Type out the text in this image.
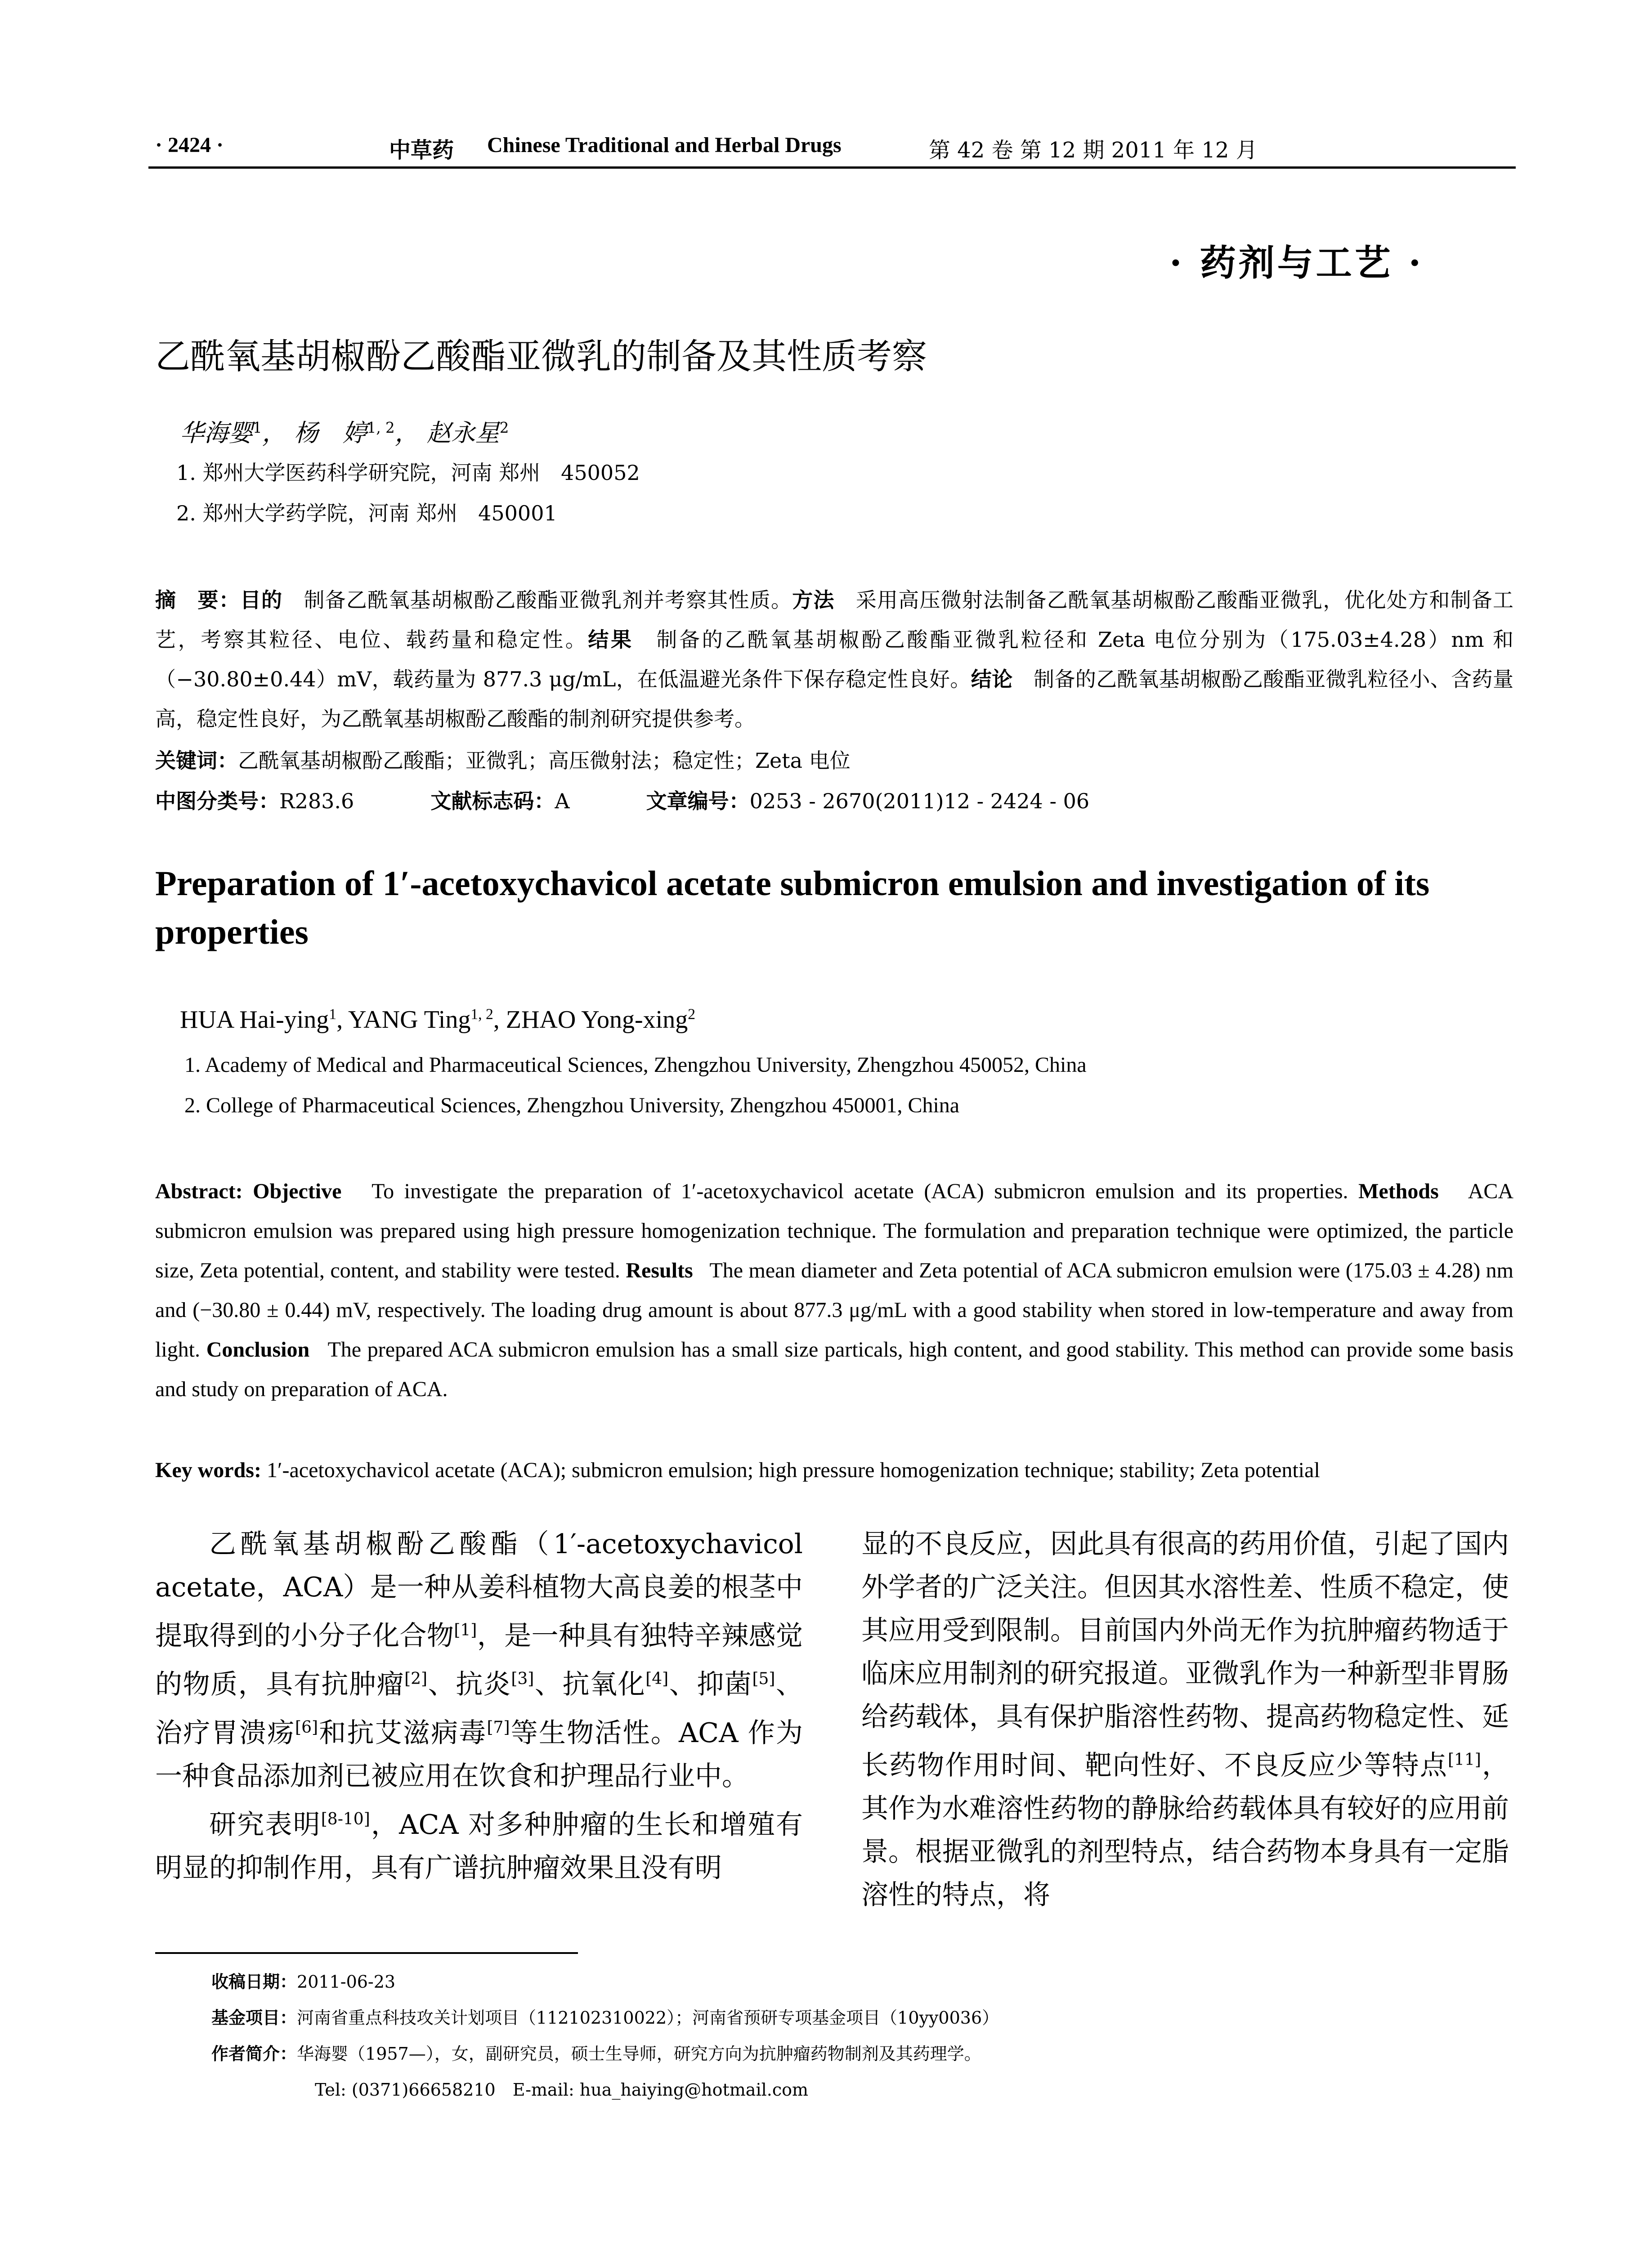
· 2424 ·	中草药 Chinese Traditional and Herbal Drugs	第 42 卷 第 12 期 2011 年 12 月
· 药剂与工艺 ·
乙酰氧基胡椒酚乙酸酯亚微乳的制备及其性质考察
华海婴$^1$， 杨　婷$^{1, 2}$， 赵永星$^2$
1. 郑州大学医药科学研究院，河南 郑州　450052
2. 郑州大学药学院，河南 郑州　450001
摘　要：目的　制备乙酰氧基胡椒酚乙酸酯亚微乳剂并考察其性质。方法　采用高压微射法制备乙酰氧基胡椒酚乙酸酯亚微乳，优化处方和制备工艺，考察其粒径、电位、载药量和稳定性。结果　制备的乙酰氧基胡椒酚乙酸酯亚微乳粒径和 Zeta 电位分别为（175.03±4.28）nm 和（−30.80±0.44）mV，载药量为 877.3 μg/mL，在低温避光条件下保存稳定性良好。结论　制备的乙酰氧基胡椒酚乙酸酯亚微乳粒径小、含药量高，稳定性良好，为乙酰氧基胡椒酚乙酸酯的制剂研究提供参考。
关键词：乙酰氧基胡椒酚乙酸酯；亚微乳；高压微射法；稳定性；Zeta 电位
中图分类号：R283.6	文献标志码：A	文章编号：0253 - 2670(2011)12 - 2424 - 06
Preparation of 1′-acetoxychavicol acetate submicron emulsion and investigation of its properties
HUA Hai-ying$^1$, YANG Ting$^{1, 2}$, ZHAO Yong-xing$^2$
1. Academy of Medical and Pharmaceutical Sciences, Zhengzhou University, Zhengzhou 450052, China
2. College of Pharmaceutical Sciences, Zhengzhou University, Zhengzhou 450001, China
Abstract: Objective To investigate the preparation of 1′-acetoxychavicol acetate (ACA) submicron emulsion and its properties. Methods ACA submicron emulsion was prepared using high pressure homogenization technique. The formulation and preparation technique were optimized, the particle size, Zeta potential, content, and stability were tested. Results The mean diameter and Zeta potential of ACA submicron emulsion were (175.03 ± 4.28) nm and (−30.80 ± 0.44) mV, respectively. The loading drug amount is about 877.3 μg/mL with a good stability when stored in low-temperature and away from light. Conclusion The prepared ACA submicron emulsion has a small size particals, high content, and good stability. This method can provide some basis and study on preparation of ACA.
Key words: 1′-acetoxychavicol acetate (ACA); submicron emulsion; high pressure homogenization technique; stability; Zeta potential

乙酰氧基胡椒酚乙酸酯（1′-acetoxychavicol acetate，ACA）是一种从姜科植物大高良姜的根茎中提取得到的小分子化合物[1]，是一种具有独特辛辣感觉的物质，具有抗肿瘤[2]、抗炎[3]、抗氧化[4]、抑菌[5]、治疗胃溃疡[6]和抗艾滋病毒[7]等生物活性。ACA 作为一种食品添加剂已被应用在饮食和护理品行业中。

研究表明[8-10]，ACA 对多种肿瘤的生长和增殖有明显的抑制作用，具有广谱抗肿瘤效果且没有明

显的不良反应，因此具有很高的药用价值，引起了国内外学者的广泛关注。但因其水溶性差、性质不稳定，使其应用受到限制。目前国内外尚无作为抗肿瘤药物适于临床应用制剂的研究报道。亚微乳作为一种新型非胃肠给药载体，具有保护脂溶性药物、提高药物稳定性、延长药物作用时间、靶向性好、不良反应少等特点[11]，其作为水难溶性药物的静脉给药载体具有较好的应用前景。根据亚微乳的剂型特点，结合药物本身具有一定脂溶性的特点，将

收稿日期：2011-06-23
基金项目：河南省重点科技攻关计划项目（112102310022）；河南省预研专项基金项目（10yy0036）
作者简介：华海婴（1957—），女，副研究员，硕士生导师，研究方向为抗肿瘤药物制剂及其药理学。
Tel: (0371)66658210　E-mail: hua_haiying@hotmail.com
